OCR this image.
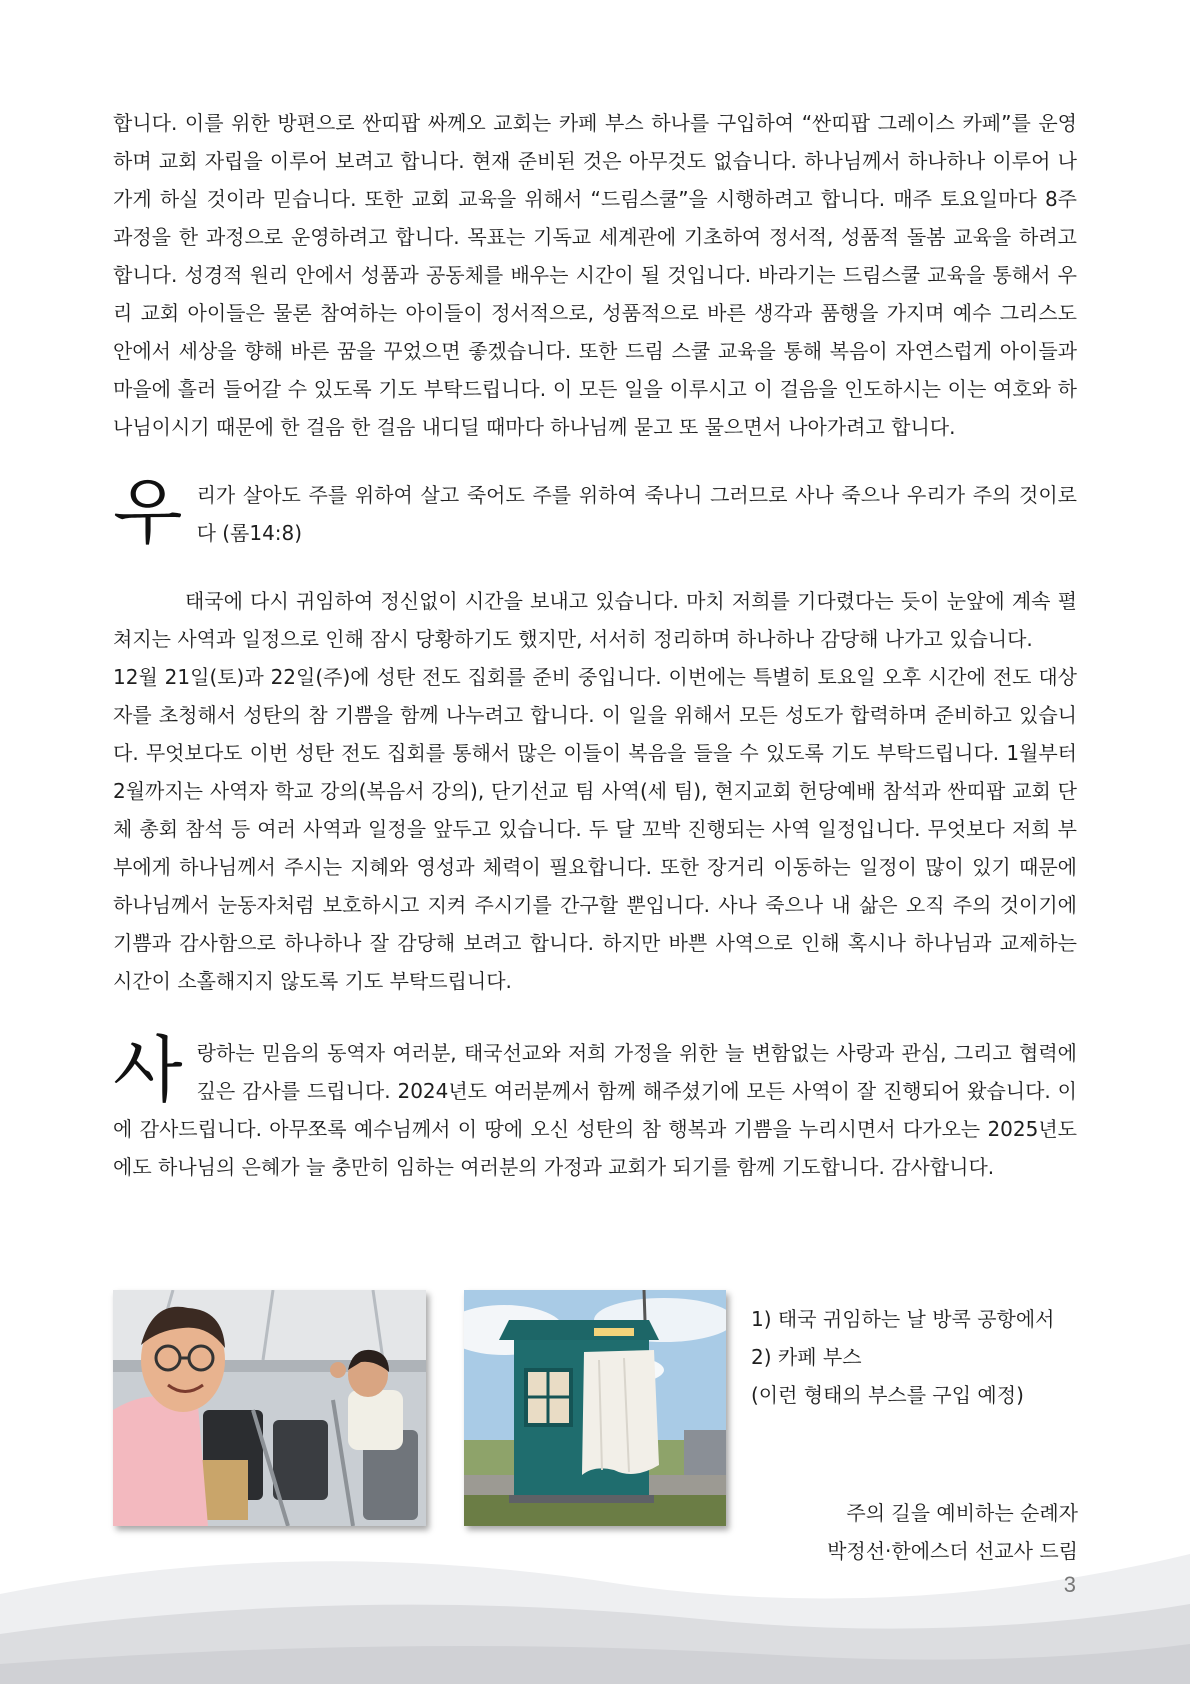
합니다. 이를 위한 방편으로 싼띠팝 싸께오 교회는 카페 부스 하나를 구입하여 “싼띠팝 그레이스 카페”를 운영하며 교회 자립을 이루어 보려고 합니다. 현재 준비된 것은 아무것도 없습니다. 하나님께서 하나하나 이루어 나가게 하실 것이라 믿습니다. 또한 교회 교육을 위해서 “드림스쿨”을 시행하려고 합니다. 매주 토요일마다 8주 과정을 한 과정으로 운영하려고 합니다. 목표는 기독교 세계관에 기초하여 정서적, 성품적 돌봄 교육을 하려고 합니다. 성경적 원리 안에서 성품과 공동체를 배우는 시간이 될 것입니다. 바라기는 드림스쿨 교육을 통해서 우리 교회 아이들은 물론 참여하는 아이들이 정서적으로, 성품적으로 바른 생각과 품행을 가지며 예수 그리스도 안에서 세상을 향해 바른 꿈을 꾸었으면 좋겠습니다. 또한 드림 스쿨 교육을 통해 복음이 자연스럽게 아이들과 마을에 흘러 들어갈 수 있도록 기도 부탁드립니다. 이 모든 일을 이루시고 이 걸음을 인도하시는 이는 여호와 하나님이시기 때문에 한 걸음 한 걸음 내디딜 때마다 하나님께 묻고 또 물으면서 나아가려고 합니다.

우 리가 살아도 주를 위하여 살고 죽어도 주를 위하여 죽나니 그러므로 사나 죽으나 우리가 주의 것이로다 (롬14:8)

태국에 다시 귀임하여 정신없이 시간을 보내고 있습니다. 마치 저희를 기다렸다는 듯이 눈앞에 계속 펼쳐지는 사역과 일정으로 인해 잠시 당황하기도 했지만, 서서히 정리하며 하나하나 감당해 나가고 있습니다.

12월 21일(토)과 22일(주)에 성탄 전도 집회를 준비 중입니다. 이번에는 특별히 토요일 오후 시간에 전도 대상자를 초청해서 성탄의 참 기쁨을 함께 나누려고 합니다. 이 일을 위해서 모든 성도가 합력하며 준비하고 있습니다. 무엇보다도 이번 성탄 전도 집회를 통해서 많은 이들이 복음을 들을 수 있도록 기도 부탁드립니다. 1월부터 2월까지는 사역자 학교 강의(복음서 강의), 단기선교 팀 사역(세 팀), 현지교회 헌당예배 참석과 싼띠팝 교회 단체 총회 참석 등 여러 사역과 일정을 앞두고 있습니다. 두 달 꼬박 진행되는 사역 일정입니다. 무엇보다 저희 부부에게 하나님께서 주시는 지혜와 영성과 체력이 필요합니다. 또한 장거리 이동하는 일정이 많이 있기 때문에 하나님께서 눈동자처럼 보호하시고 지켜 주시기를 간구할 뿐입니다. 사나 죽으나 내 삶은 오직 주의 것이기에 기쁨과 감사함으로 하나하나 잘 감당해 보려고 합니다. 하지만 바쁜 사역으로 인해 혹시나 하나님과 교제하는 시간이 소홀해지지 않도록 기도 부탁드립니다.

사 랑하는 믿음의 동역자 여러분, 태국선교와 저희 가정을 위한 늘 변함없는 사랑과 관심, 그리고 협력에 깊은 감사를 드립니다. 2024년도 여러분께서 함께 해주셨기에 모든 사역이 잘 진행되어 왔습니다. 이에 감사드립니다. 아무쪼록 예수님께서 이 땅에 오신 성탄의 참 행복과 기쁨을 누리시면서 다가오는 2025년도에도 하나님의 은혜가 늘 충만히 임하는 여러분의 가정과 교회가 되기를 함께 기도합니다. 감사합니다.

1) 태국 귀임하는 날 방콕 공항에서

2) 카페 부스

(이런 형태의 부스를 구입 예정)

주의 길을 예비하는 순례자

박정선·한에스더 선교사 드림

3
